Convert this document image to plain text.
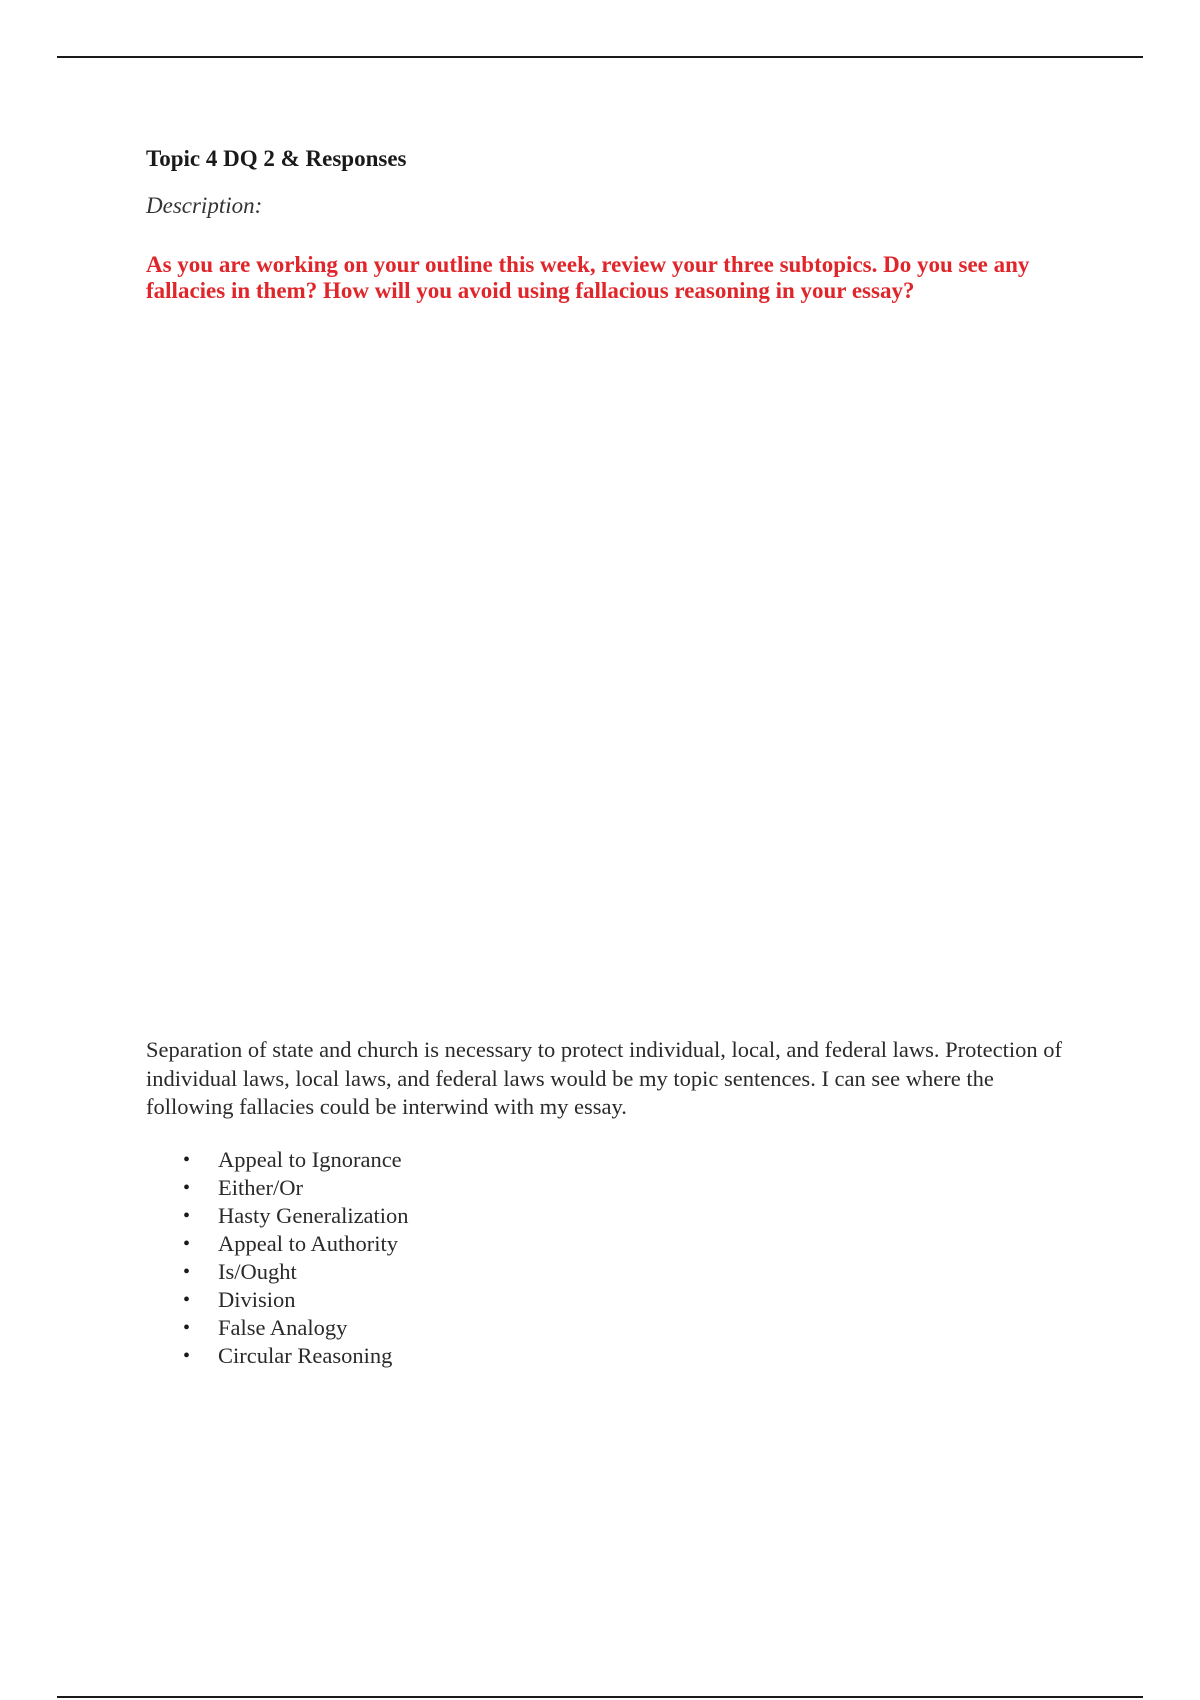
Topic 4 DQ 2 & Responses

Description:

As you are working on your outline this week, review your three subtopics. Do you see any fallacies in them? How will you avoid using fallacious reasoning in your essay?

Separation of state and church is necessary to protect individual, local, and federal laws. Protection of individual laws, local laws, and federal laws would be my topic sentences. I can see where the following fallacies could be interwind with my essay.

• Appeal to Ignorance
• Either/Or
• Hasty Generalization
• Appeal to Authority
• Is/Ought
• Division
• False Analogy
• Circular Reasoning
